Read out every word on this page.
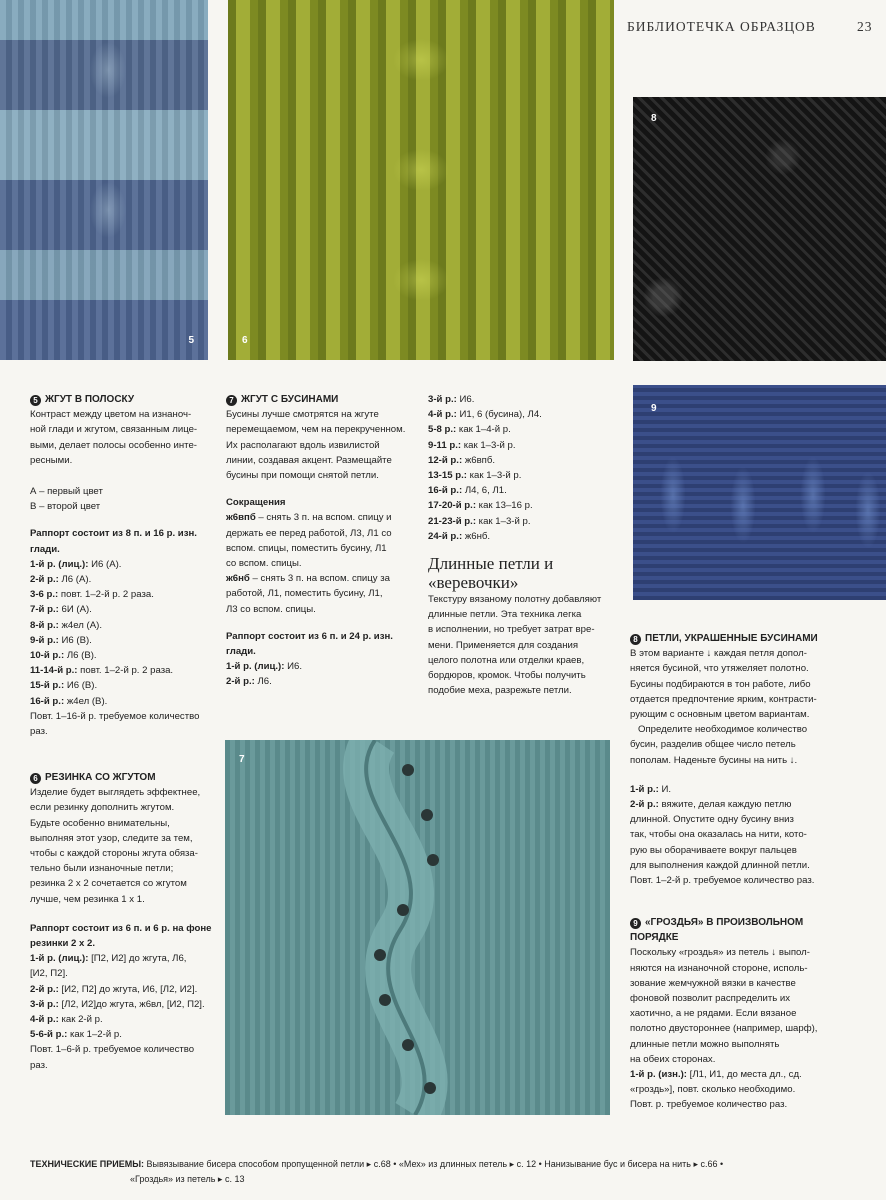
БИБЛИОТЕЧКА ОБРАЗЦОВ	23
5	6
8
9
7

5 ЖГУТ В ПОЛОСКУ

Контраст между цветом на изнаноч-

ной глади и жгутом, связанным лице-

выми, делает полосы особенно инте-

ресными.

А – первый цвет

В – второй цвет

Раппорт состоит из 8 п. и 16 р. изн.

глади.

1-й р. (лиц.): И6 (А).

2-й р.: Л6 (А).

3-6 р.: повт. 1–2-й р. 2 раза.

7-й р.: 6И (А).

8-й р.: ж4ел (А).

9-й р.: И6 (В).

10-й р.: Л6 (В).

11-14-й р.: повт. 1–2-й р. 2 раза.

15-й р.: И6 (В).

16-й р.: ж4ел (В).

Повт. 1–16-й р. требуемое количество

раз.

6 РЕЗИНКА СО ЖГУТОМ

Изделие будет выглядеть эффектнее,

если резинку дополнить жгутом.

Будьте особенно внимательны,

выполняя этот узор, следите за тем,

чтобы с каждой стороны жгута обяза-

тельно были изнаночные петли;

резинка 2 х 2 сочетается со жгутом

лучше, чем резинка 1 х 1.

Раппорт состоит из 6 п. и 6 р. на фоне

резинки 2 х 2.

1-й р. (лиц.): [П2, И2] до жгута, Л6,

[И2, П2].

2-й р.: [И2, П2] до жгута, И6, [Л2, И2].

3-й р.: [Л2, И2]до жгута, ж6вл, [И2, П2].

4-й р.: как 2-й р.

5-6-й р.: как 1–2-й р.

Повт. 1–6-й р. требуемое количество

раз.

7 ЖГУТ С БУСИНАМИ

Бусины лучше смотрятся на жгуте

перемещаемом, чем на перекрученном.

Их располагают вдоль извилистой

линии, создавая акцент. Размещайте

бусины при помощи снятой петли.

Сокращения

ж6впб – снять 3 п. на вспом. спицу и

держать ее перед работой, Л3, Л1 со

вспом. спицы, поместить бусину, Л1

со вспом. спицы.

ж6нб – снять 3 п. на вспом. спицу за

работой, Л1, поместить бусину, Л1,

Л3 со вспом. спицы.

Раппорт состоит из 6 п. и 24 р. изн.

глади.

1-й р. (лиц.): И6.

2-й р.: Л6.

3-й р.: И6.

4-й р.: И1, 6 (бусина), Л4.

5-8 р.: как 1–4-й р.

9-11 р.: как 1–3-й р.

12-й р.: ж6впб.

13-15 р.: как 1–3-й р.

16-й р.: Л4, 6, Л1.

17-20-й р.: как 13–16 р.

21-23-й р.: как 1–3-й р.

24-й р.: ж6нб.

Длинные петли и
«веревочки»

Текстуру вязаному полотну добавляют

длинные петли. Эта техника легка

в исполнении, но требует затрат вре-

мени. Применяется для создания

целого полотна или отделки краев,

бордюров, кромок. Чтобы получить

подобие меха, разрежьте петли.

8 ПЕТЛИ, УКРАШЕННЫЕ БУСИНАМИ

В этом варианте ↓ каждая петля допол-

няется бусиной, что утяжеляет полотно.

Бусины подбираются в тон работе, либо

отдается предпочтение ярким, контрасти-

рующим с основным цветом вариантам.

Определите необходимое количество

бусин, разделив общее число петель

пополам. Наденьте бусины на нить ↓.

1-й р.: И.

2-й р.: вяжите, делая каждую петлю

длинной. Опустите одну бусину вниз

так, чтобы она оказалась на нити, кото-

рую вы оборачиваете вокруг пальцев

для выполнения каждой длинной петли.

Повт. 1–2-й р. требуемое количество раз.

9 «ГРОЗДЬЯ» В ПРОИЗВОЛЬНОМ
ПОРЯДКЕ

Поскольку «гроздья» из петель ↓ выпол-

няются на изнаночной стороне, исполь-

зование жемчужной вязки в качестве

фоновой позволит распределить их

хаотично, а не рядами. Если вязаное

полотно двустороннее (например, шарф),

длинные петли можно выполнять

на обеих сторонах.

1-й р. (изн.): [Л1, И1, до места дл., сд.

«гроздь»], повт. сколько необходимо.

Повт. р. требуемое количество раз.

ТЕХНИЧЕСКИЕ ПРИЕМЫ: Вывязывание бисера способом пропущенной петли ▸ с.68 • «Мех» из длинных петель ▸ с. 12 • Нанизывание бус и бисера на нить ▸ с.66 •
«Гроздья» из петель ▸ с. 13
